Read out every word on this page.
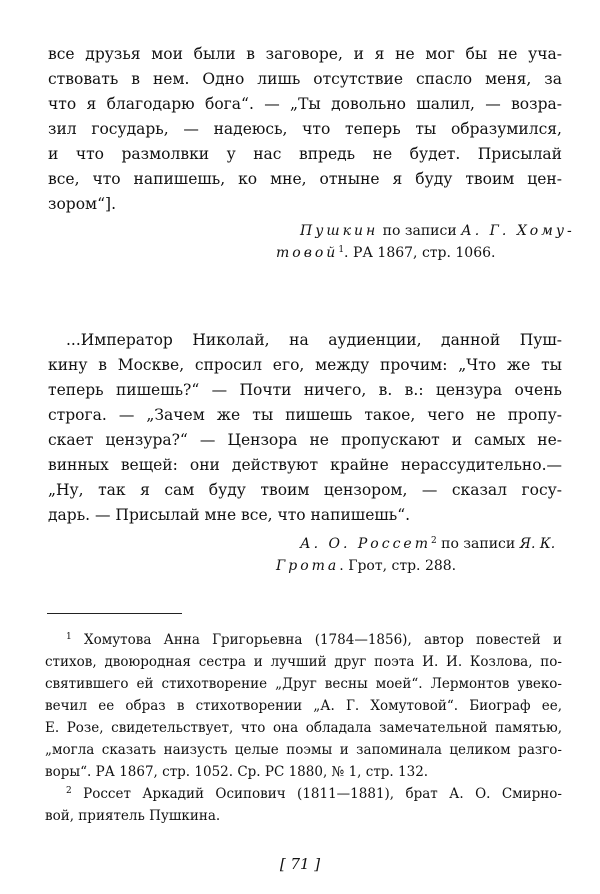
все друзья мои были в заговоре, и я не мог бы не уча-
ствовать в нем. Одно лишь отсутствие спасло меня, за
что я благодарю бога“. — „Ты довольно шалил, — возра-
зил государь, — надеюсь, что теперь ты образумился,
и что размолвки у нас впредь не будет. Присылай
все, что напишешь, ко мне, отныне я буду твоим цен-
зором“].
Пушкин по записи А. Г. Хому-
товой$^1$. РА 1867, стр. 1066.
...Император Николай, на аудиенции, данной Пуш-
кину в Москве, спросил его, между прочим: „Что же ты
теперь пишешь?“ — Почти ничего, в. в.: цензура очень
строга. — „Зачем же ты пишешь такое, чего не пропу-
скает цензура?“ — Цензора не пропускают и самых не-
винных вещей: они действуют крайне нерассудительно.—
„Ну, так я сам буду твоим цензором, — сказал госу-
дарь. — Присылай мне все, что напишешь“.
А. О. Россет$^2$ по записи Я. К.
Грота. Грот, стр. 288.
$^1$ Хомутова Анна Григорьевна (1784—1856), автор повестей и
стихов, двоюродная сестра и лучший друг поэта И. И. Козлова, по-
святившего ей стихотворение „Друг весны моей“. Лермонтов увеко-
вечил ее образ в стихотворении „А. Г. Хомутовой“. Биограф ее,
Е. Розе, свидетельствует, что она обладала замечательной памятью,
„могла сказать наизусть целые поэмы и запоминала целиком разго-
воры“. РА 1867, стр. 1052. Ср. РС 1880, № 1, стр. 132.
$^2$ Россет Аркадий Осипович (1811—1881), брат А. О. Смирно-
вой, приятель Пушкина.
[ 71 ]
